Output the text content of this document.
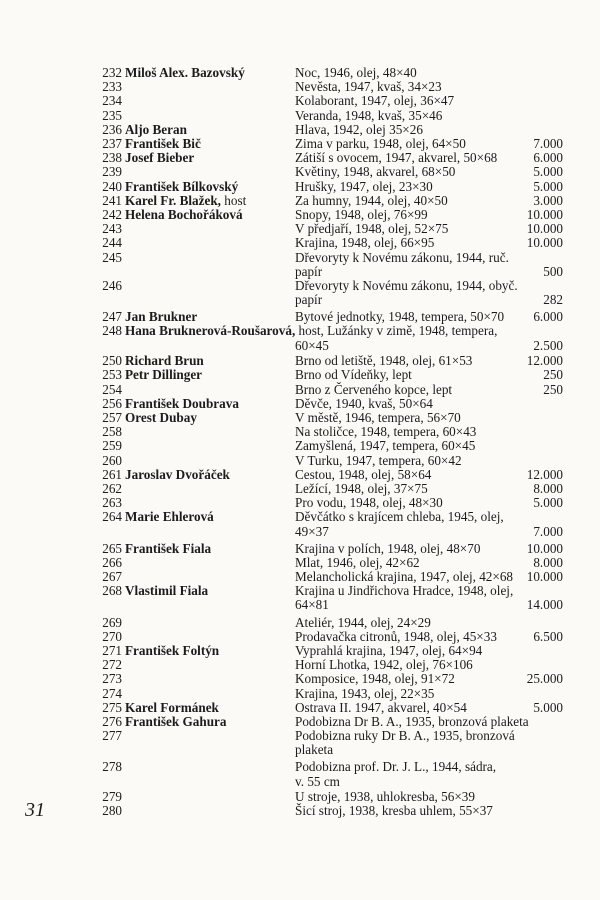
31
232 Miloš Alex. Bazovský	Noc, 1946, olej, 48×40
233	Nevěsta, 1947, kvaš, 34×23
234	Kolaborant, 1947, olej, 36×47
235	Veranda, 1948, kvaš, 35×46
236 Aljo Beran	Hlava, 1942, olej 35×26
237 František Bič	Zima v parku, 1948, olej, 64×50	7.000
238 Josef Bieber	Zátiší s ovocem, 1947, akvarel, 50×68	6.000
239	Květiny, 1948, akvarel, 68×50	5.000
240 František Bílkovský	Hrušky, 1947, olej, 23×30	5.000
241 Karel Fr. Blažek, host	Za humny, 1944, olej, 40×50	3.000
242 Helena Bochořáková	Snopy, 1948, olej, 76×99	10.000
243	V předjaří, 1948, olej, 52×75	10.000
244	Krajina, 1948, olej, 66×95	10.000
245	Dřevoryty k Novému zákonu, 1944, ruč.
papír	500
246	Dřevoryty k Novému zákonu, 1944, obyč.
papír	282
247 Jan Brukner	Bytové jednotky, 1948, tempera, 50×70 6.000
248 Hana Bruknerová-Roušarová, host, Lužánky v zimě, 1948, tempera,
60×45	2.500
250 Richard Brun	Brno od letiště, 1948, olej, 61×53	12.000
253 Petr Dillinger	Brno od Vídeňky, lept	250
254	Brno z Červeného kopce, lept	250
256 František Doubrava	Děvče, 1940, kvaš, 50×64
257 Orest Dubay	V městě, 1946, tempera, 56×70
258	Na stoličce, 1948, tempera, 60×43
259	Zamyšlená, 1947, tempera, 60×45
260	V Turku, 1947, tempera, 60×42
261 Jaroslav Dvořáček	Cestou, 1948, olej, 58×64	12.000
262	Ležící, 1948, olej, 37×75	8.000
263	Pro vodu, 1948, olej, 48×30	5.000
264 Marie Ehlerová	Děvčátko s krajícem chleba, 1945, olej,
49×37	7.000
265 František Fiala	Krajina v polích, 1948, olej, 48×70	10.000
266	Mlat, 1946, olej, 42×62	8.000
267	Melancholická krajina, 1947, olej, 42×68 10.000
268 Vlastimil Fiala	Krajina u Jindřichova Hradce, 1948, olej,
64×81	14.000
269	Ateliér, 1944, olej, 24×29
270	Prodavačka citronů, 1948, olej, 45×33	6.500
271 František Foltýn	Vyprahlá krajina, 1947, olej, 64×94
272	Horní Lhotka, 1942, olej, 76×106
273	Komposice, 1948, olej, 91×72	25.000
274	Krajina, 1943, olej, 22×35
275 Karel Formánek	Ostrava II. 1947, akvarel, 40×54	5.000
276 František Gahura	Podobizna Dr B. A., 1935, bronzová plaketa
277	Podobizna ruky Dr B. A., 1935, bronzová
plaketa
278	Podobizna prof. Dr. J. L., 1944, sádra,
v. 55 cm
279	U stroje, 1938, uhlokresba, 56×39
280	Šicí stroj, 1938, kresba uhlem, 55×37
